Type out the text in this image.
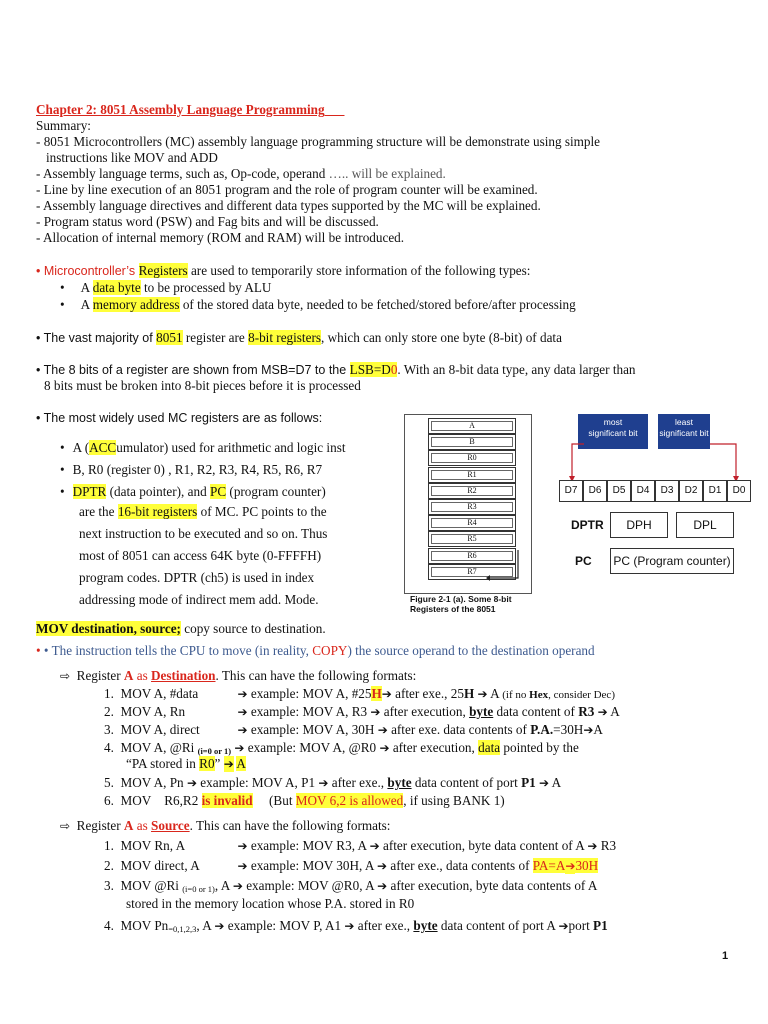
Chapter 2: 8051 Assembly Language Programming    _
Summary:
- 8051 Microcontrollers (MC) assembly language programming structure will be demonstrate using simple
instructions like MOV and ADD
- Assembly language terms, such as, Op-code, operand ….. will be explained.
- Line by line execution of an 8051 program and the role of program counter will be examined.
- Assembly language directives and different data types supported by the MC will be explained.
- Program status word (PSW) and Fag bits and will be discussed.
- Allocation of internal memory (ROM and RAM) will be introduced.
• Microcontroller’s Registers are used to temporarily store information of the following types:
• A data byte to be processed by ALU
• A memory address of the stored data byte, needed to be fetched/stored before/after processing
• The vast majority of 8051 register are 8-bit registers, which can only store one byte (8-bit) of data
• The 8 bits of a register are shown from MSB=D7 to the LSB=D0. With an 8-bit data type, any data larger than
8 bits must be broken into 8-bit pieces before it is processed
• The most widely used MC registers are as follows:
• A (ACCumulator) used for arithmetic and logic inst
• B, R0 (register 0) , R1, R2, R3, R4, R5, R6, R7
• DPTR (data pointer), and PC (program counter)
are the 16-bit registers of MC. PC points to the
next instruction to be executed and so on. Thus
most of 8051 can access 64K byte (0-FFFFH)
program codes. DPTR (ch5) is used in index
addressing mode of indirect mem add. Mode.
A
B
R0
R1
R2
R3
R4
R5
R6
R7
Figure 2-1 (a). Some 8-bit
Registers of the 8051
most
significant bit
least
significant bit
D7	D6	D5	D4	D3	D2	D1	D0
DPTR	DPH	DPL
PC PC (Program counter)
MOV destination, source; copy source to destination.
• • The instruction tells the CPU to move (in reality, COPY) the source operand to the destination operand
⇨ Register A as Destination. This can have the following formats:
1. MOV A, #data	➔ example: MOV A, #25H➔ after exe., 25H ➔ A (if no Hex, consider Dec)
2. MOV A, Rn	➔ example: MOV A, R3 ➔ after execution, byte data content of R3 ➔ A
3. MOV A, direct	➔ example: MOV A, 30H ➔ after exe. data contents of P.A.=30H➔A
4. MOV A, @Ri $_{(i=0 or 1)}$ ➔ example: MOV A, @R0 ➔ after execution, data pointed by the
“PA stored in R0” ➔ A
5. MOV A, Pn ➔ example: MOV A, P1 ➔ after exe., byte data content of port P1 ➔ A
6. MOV    R6,R2 is invalid     (But MOV 6,2 is allowed, if using BANK 1)
⇨ Register A as Source. This can have the following formats:
1. MOV Rn, A	➔ example: MOV R3, A ➔ after execution, byte data content of A ➔ R3
2. MOV direct, A	➔ example: MOV 30H, A ➔ after exe., data contents of PA=A➔30H
3. MOV @Ri $_{(i=0 or 1)}$, A ➔ example: MOV @R0, A ➔ after execution, byte data contents of A
stored in the memory location whose P.A. stored in R0
4. MOV $Pn_{=0,1,2,3}$, A ➔ example: MOV P, A1 ➔ after exe., byte data content of port A ➔port P1
1
